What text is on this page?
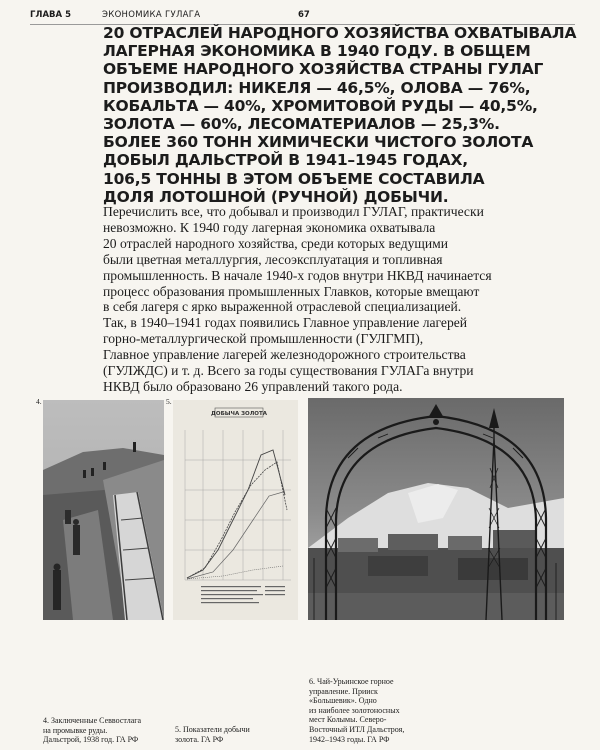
ГЛАВА 5	ЭКОНОМИКА ГУЛАГА	67
20 ОТРАСЛЕЙ НАРОДНОГО ХОЗЯЙСТВА ОХВАТЫВАЛА
ЛАГЕРНАЯ ЭКОНОМИКА В 1940 ГОДУ. В ОБЩЕМ
ОБЪЕМЕ НАРОДНОГО ХОЗЯЙСТВА СТРАНЫ ГУЛАГ
ПРОИЗВОДИЛ: НИКЕЛЯ — 46,5%, ОЛОВА — 76%,
КОБАЛЬТА — 40%, ХРОМИТОВОЙ РУДЫ — 40,5%,
ЗОЛОТА — 60%, ЛЕСОМАТЕРИАЛОВ — 25,3%.
БОЛЕЕ 360 ТОНН ХИМИЧЕСКИ ЧИСТОГО ЗОЛОТА
ДОБЫЛ ДАЛЬСТРОЙ В 1941–1945 ГОДАХ,
106,5 ТОННЫ В ЭТОМ ОБЪЕМЕ СОСТАВИЛА
ДОЛЯ ЛОТОШНОЙ (РУЧНОЙ) ДОБЫЧИ.
Перечислить все, что добывал и производил ГУЛАГ, практически
невозможно. К 1940 году лагерная экономика охватывала
20 отраслей народного хозяйства, среди которых ведущими
были цветная металлургия, лесоэксплуатация и топливная
промышленность. В начале 1940-х годов внутри НКВД начинается
процесс образования промышленных Главков, которые вмещают
в себя лагеря с ярко выраженной отраслевой специализацией.
Так, в 1940–1941 годах появились Главное управление лагерей
горно-металлургической промышленности (ГУЛГМП),
Главное управление лагерей железнодорожного строительства
(ГУЛЖДС) и т. д. Всего за годы существования ГУЛАГа внутри
НКВД было образовано 26 управлений такого рода.
4.	5.
ДОБЫЧА ЗОЛОТА
4. Заключенные Севвостлага
на промывке руды.
Дальстрой, 1938 год. ГА РФ
5. Показатели добычи
золота. ГА РФ
6. Чай-Урьинское горное
управление. Прииск
«Большевик». Одно
из наиболее золотоносных
мест Колымы. Северо-
Восточный ИТЛ Дальстроя,
1942–1943 годы. ГА РФ
